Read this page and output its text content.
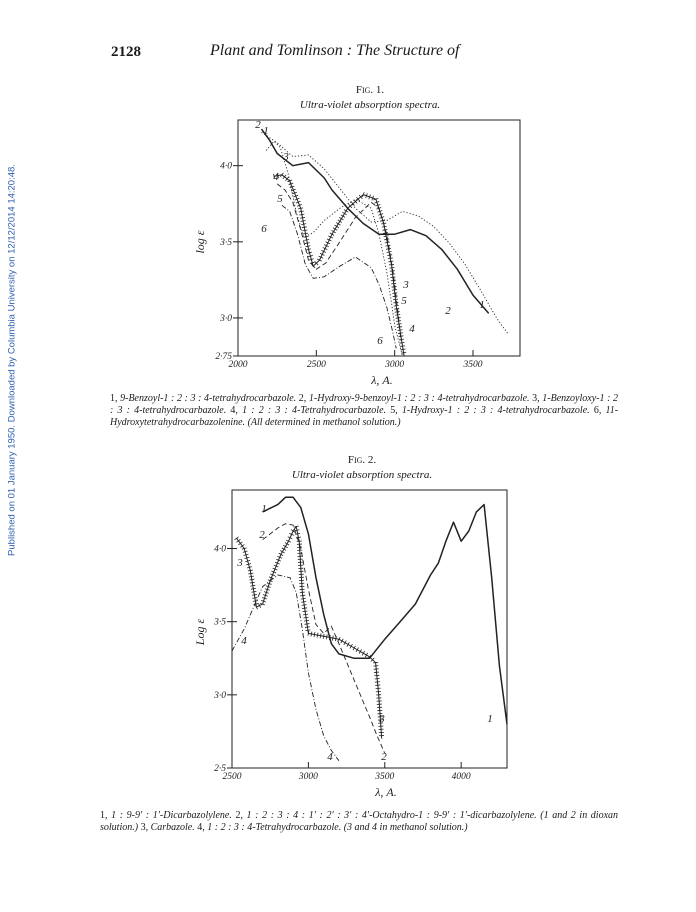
Published on 01 January 1950. Downloaded by Columbia University on 12/12/2014 14:20:48.
2128	Plant and Tomlinson : The Structure of
Fig. 1.
Ultra-violet absorption spectra.
2000	2500	3000	3500
2·75
3·0
3·5
4·0
log ε
λ, A.
1
2
3
4
5
6
1
2
3
4
5
6
1, 9-Benzoyl-1 : 2 : 3 : 4-tetrahydrocarbazole. 2, 1-Hydroxy-9-benzoyl-1 : 2 : 3 : 4-tetrahydrocarbazole. 3, 1-Benzoyloxy-1 : 2 : 3 : 4-tetrahydrocarbazole. 4, 1 : 2 : 3 : 4-Tetrahydrocarbazole. 5, 1-Hydroxy-1 : 2 : 3 : 4-tetrahydrocarbazole. 6, 11-Hydroxytetrahydrocarbazolenine. (All determined in methanol solution.)
Fig. 2.
Ultra-violet absorption spectra.
2500	3000	3500	4000
2·5
3·0
3·5
4·0
Log ε
λ, A.
1
2
3
4
1
2
3
4
1, 1 : 9-9′ : 1′-Dicarbazolylene. 2, 1 : 2 : 3 : 4 : 1′ : 2′ : 3′ : 4′-Octahydro-1 : 9-9′ : 1′-dicarbazolylene. (1 and 2 in dioxan solution.) 3, Carbazole. 4, 1 : 2 : 3 : 4-Tetrahydrocarbazole. (3 and 4 in methanol solution.)
